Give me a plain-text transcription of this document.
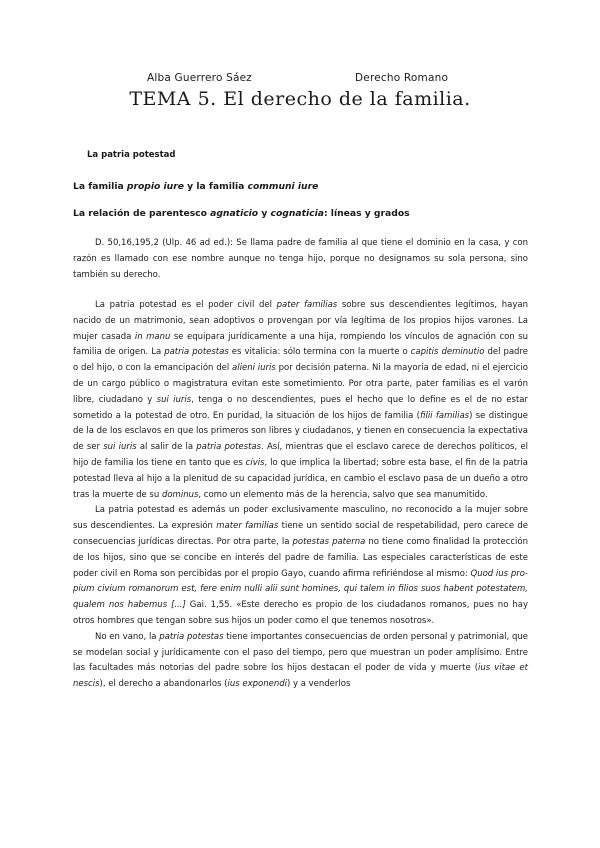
Alba Guerrero Sáez	Derecho Romano
TEMA 5. El derecho de la familia.
La patria potestad
La familia propio iure y la familia communi iure
La relación de parentesco agnaticio y cognaticia: líneas y grados
D. 50,16,195,2 (Ulp. 46 ad ed.): Se llama padre de familia al que tiene el dominio en la casa, y con razón es llamado con ese nombre aunque no tenga hijo, porque no designamos su sola persona, sino también su derecho.

La patria potestad es el poder civil del pater familias sobre sus descendientes legítimos, hayan nacido de un matrimonio, sean adoptivos o provengan por vía legítima de los propios hijos varones. La mujer casada in manu se equipara jurídicamente a una hija, rompiendo los vínculos de agnación con su familia de origen. La patria potestas es vitalicia: sólo termina con la muerte o capitis deminutio del padre o del hijo, o con la emancipación del alieni iuris por decisión paterna. Ni la mayoría de edad, ni el ejercicio de un cargo público o magistratura evitan este sometimiento. Por otra parte, pater familias es el varón libre, ciudadano y sui iuris, tenga o no descendientes, pues el hecho que lo define es el de no estar sometido a la potestad de otro. En puridad, la situación de los hijos de familia (filii familias) se distingue de la de los esclavos en que los primeros son libres y ciudadanos, y tienen en consecuencia la expectativa de ser sui iuris al salir de la patria potestas. Así, mientras que el esclavo carece de derechos políticos, el hijo de familia los tiene en tanto que es civis, lo que implica la libertad; sobre esta base, el fin de la patria potestad lleva al hijo a la plenitud de su capacidad jurídica, en cambio el esclavo pasa de un dueño a otro tras la muerte de su dominus, como un elemento más de la herencia, salvo que sea manumitido.

La patria potestad es además un poder exclusivamente masculino, no reconocido a la mujer sobre sus descendientes. La expresión mater familias tiene un sentido social de respetabilidad, pero carece de consecuencias jurídicas directas. Por otra parte, la potestas paterna no tiene como finalidad la protección de los hijos, sino que se concibe en interés del padre de familia. Las especiales características de este poder civil en Roma son percibidas por el propio Gayo, cuando afirma refiriéndose al mismo: Quod ius pro-pium civium romanorum est, fere enim nulli alii sunt homines, qui talem in filios suos habent potestatem, qualem nos habemus [...] Gai. 1,55. «Este derecho es propio de los ciudadanos romanos, pues no hay otros hombres que tengan sobre sus hijos un poder como el que tenemos nosotros».

No en vano, la patria potestas tiene importantes consecuencias de orden personal y patrimonial, que se modelan social y jurídicamente con el paso del tiempo, pero que muestran un poder amplísimo. Entre las facultades más notorias del padre sobre los hijos destacan el poder de vida y muerte (ius vitae et nescis), el derecho a abandonarlos (ius exponendi) y a venderlos
